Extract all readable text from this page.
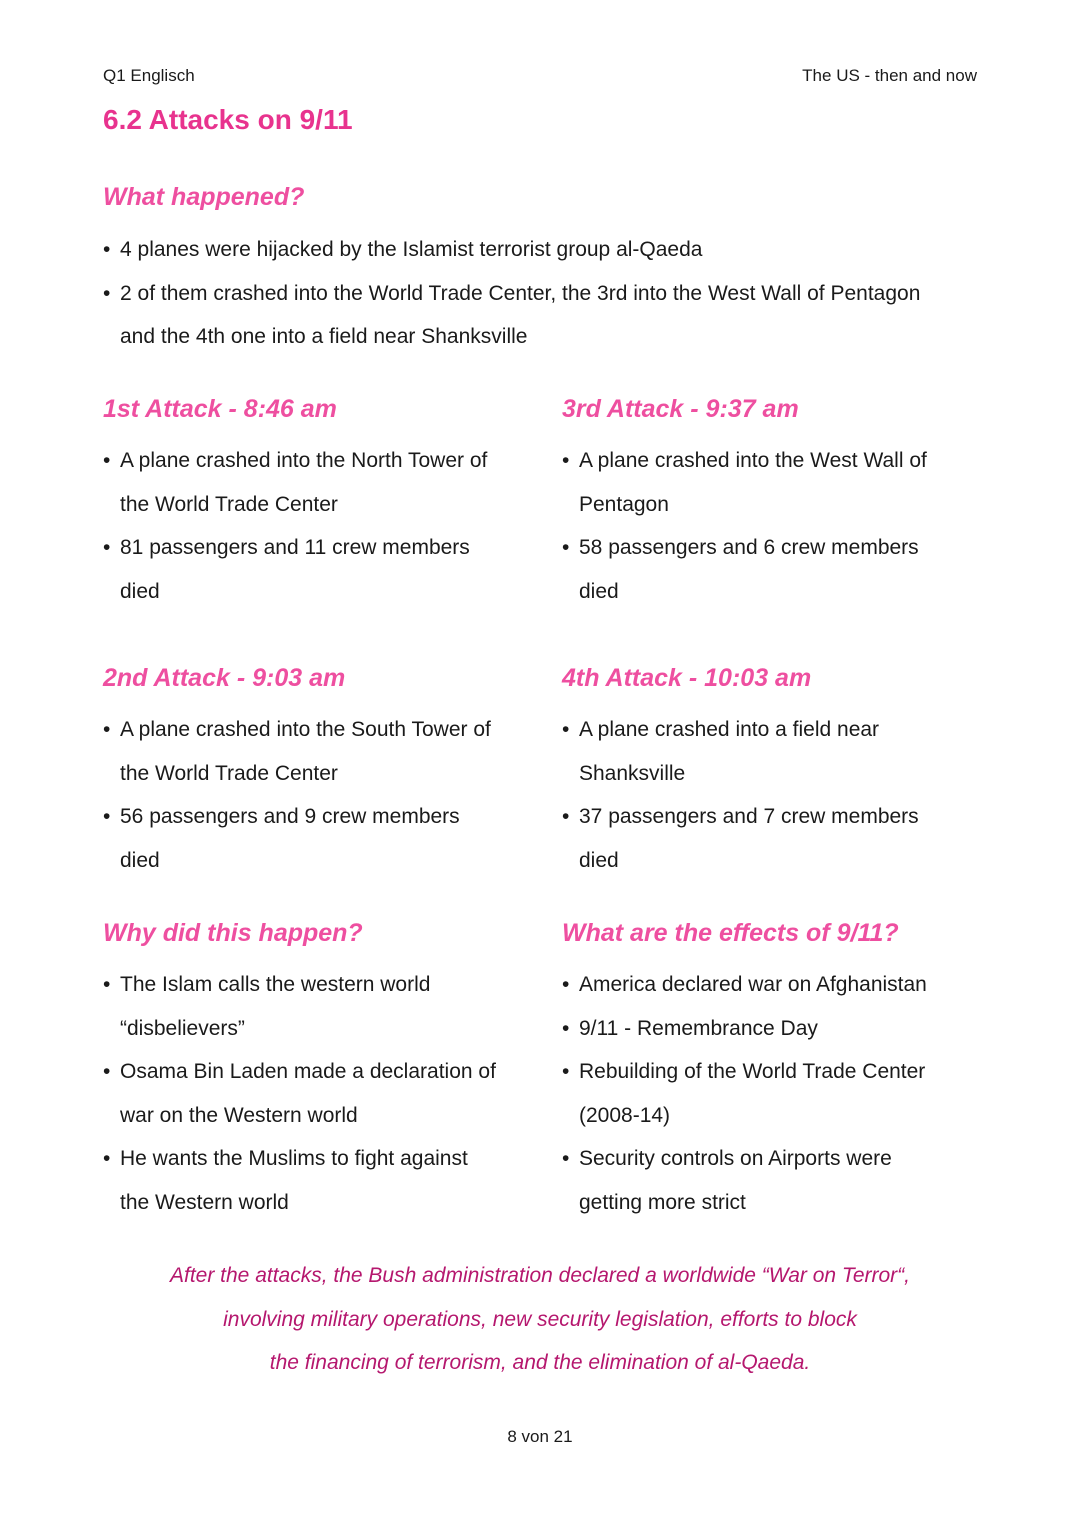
Q1 Englisch	The US - then and now
6.2 Attacks on 9/11
What happened?
• 4 planes were hijacked by the Islamist terrorist group al-Qaeda
• 2 of them crashed into the World Trade Center, the 3rd into the West Wall of Pentagon
and the 4th one into a field near Shanksville
1st Attack - 8:46 am
• A plane crashed into the North Tower of
the World Trade Center
• 81 passengers and 11 crew members
died
3rd Attack - 9:37 am
• A plane crashed into the West Wall of
Pentagon
• 58 passengers and 6 crew members
died
2nd Attack - 9:03 am
• A plane crashed into the South Tower of
the World Trade Center
• 56 passengers and 9 crew members
died
4th Attack - 10:03 am
• A plane crashed into a field near
Shanksville
• 37 passengers and 7 crew members
died
Why did this happen?
• The Islam calls the western world
“disbelievers”
• Osama Bin Laden made a declaration of
war on the Western world
• He wants the Muslims to fight against
the Western world
What are the effects of 9/11?
• America declared war on Afghanistan
• 9/11 - Remembrance Day
• Rebuilding of the World Trade Center
(2008-14)
• Security controls on Airports were
getting more strict

After the attacks, the Bush administration declared a worldwide “War on Terror“,
involving military operations, new security legislation, efforts to block
the financing of terrorism, and the elimination of al-Qaeda.

8 von 21
